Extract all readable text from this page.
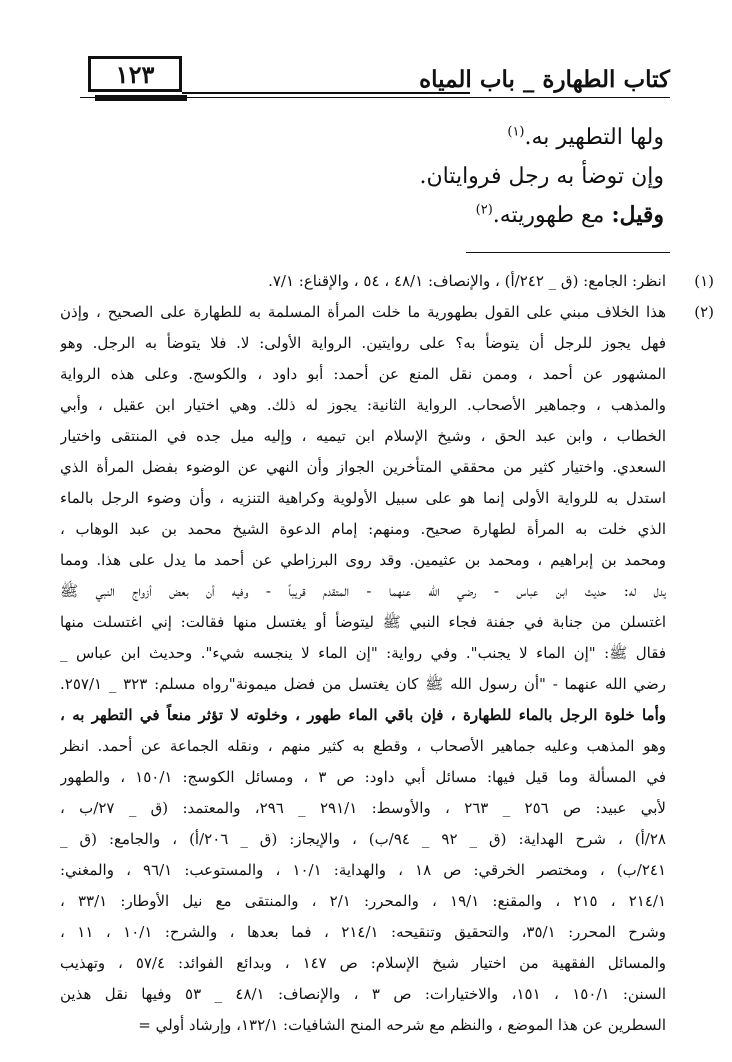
١٢٣	كتاب الطهارة _ باب المياه
ولها التطهير به.$^{(١)}$
وإن توضأ به رجل فروايتان.
وقيل: مع طهوريته.$^{(٢)}$
(١)
انظر: الجامع: (ق _ ٢٤٢/أ) ، والإنصاف: ٤٨/١ ، ٥٤ ، والإقناع: ٧/١.
(٢)
هذا الخلاف مبني على القول بطهورية ما خلت المرأة المسلمة به للطهارة على الصحيح ، وإذن
فهل يجوز للرجل أن يتوضأ به؟ على روايتين. الرواية الأولى: لا. فلا يتوضأ به الرجل. وهو
المشهور عن أحمد ، وممن نقل المنع عن أحمد: أبو داود ، والكوسج. وعلى هذه الرواية
والمذهب ، وجماهير الأصحاب. الرواية الثانية: يجوز له ذلك. وهي اختيار ابن عقيل ، وأبي
الخطاب ، وابن عبد الحق ، وشيخ الإسلام ابن تيميه ، وإليه ميل جده في المنتقى واختيار
السعدي. واختيار كثير من محققي المتأخرين الجواز وأن النهي عن الوضوء بفضل المرأة الذي
استدل به للرواية الأولى إنما هو على سبيل الأولوية وكراهية التنزيه ، وأن وضوء الرجل بالماء
الذي خلت به المرأة لطهارة صحيح. ومنهم: إمام الدعوة الشيخ محمد بن عبد الوهاب ،
ومحمد بن إبراهيم ، ومحمد بن عثيمين. وقد روى البرزاطي عن أحمد ما يدل على هذا. ومما
يدل له: حديث ابن عباس - رضي الله عنهما - المتقدم قريباً - وفيه أن بعض أزواج النبي ﷺ
اغتسلن من جنابة في جفنة فجاء النبي ﷺ ليتوضأ أو يغتسل منها فقالت: إني اغتسلت منها
فقال ﷺ: "إن الماء لا يجنب". وفي رواية: "إن الماء لا ينجسه شيء". وحديث ابن عباس _
رضي الله عنهما - "أن رسول الله ﷺ كان يغتسل من فضل ميمونة"رواه مسلم: ٣٢٣ _ ٢٥٧/١.
وأما خلوة الرجل بالماء للطهارة ، فإن باقي الماء طهور ، وخلوته لا تؤثر منعاً في التطهر به ،
وهو المذهب وعليه جماهير الأصحاب ، وقطع به كثير منهم ، ونقله الجماعة عن أحمد. انظر
في المسألة وما قيل فيها: مسائل أبي داود: ص ٣ ، ومسائل الكوسج: ١٥٠/١ ، والطهور
لأبي عبيد: ص ٢٥٦ _ ٢٦٣ ، والأوسط: ٢٩١/١ _ ٢٩٦، والمعتمد: (ق _ ٢٧/ب ،
٢٨/أ) ، شرح الهداية: (ق _ ٩٢ _ ٩٤/ب) ، والإيجاز: (ق _ ٢٠٦/أ) ، والجامع: (ق _
٢٤١/ب) ، ومختصر الخرقي: ص ١٨ ، والهداية: ١٠/١ ، والمستوعب: ٩٦/١ ، والمغني:
٢١٤/١ ، ٢١٥ ، والمقنع: ١٩/١ ، والمحرر: ٢/١ ، والمنتقى مع نيل الأوطار: ٣٣/١ ،
وشرح المحرر: ٣٥/١، والتحقيق وتنقيحه: ٢١٤/١ ، فما بعدها ، والشرح: ١٠/١ ، ١١ ،
والمسائل الفقهية من اختيار شيخ الإسلام: ص ١٤٧ ، وبدائع الفوائد: ٥٧/٤ ، وتهذيب
السنن: ١٥٠/١ ، ١٥١، والاختيارات: ص ٣ ، والإنصاف: ٤٨/١ _ ٥٣ وفيها نقل هذين
السطرين عن هذا الموضع ، والنظم مع شرحه المنح الشافيات: ١٣٢/١، وإرشاد أولي =
